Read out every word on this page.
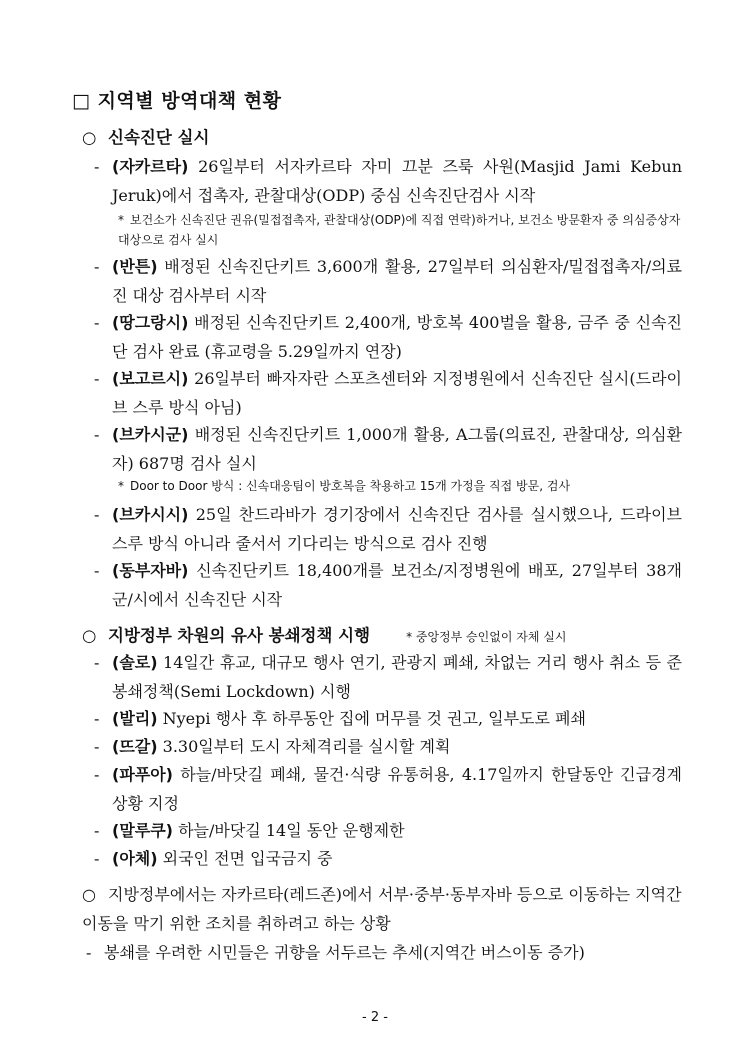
□ 지역별 방역대책 현황
○ 신속진단 실시
- (자카르타) 26일부터 서자카르타 자미 끄분 즈룩 사원(Masjid Jami Kebun Jeruk)에서 접촉자, 관찰대상(ODP) 중심 신속진단검사 시작
* 보건소가 신속진단 권유(밀접접촉자, 관찰대상(ODP)에 직접 연락)하거나, 보건소 방문환자 중 의심증상자 대상으로 검사 실시
- (반튼) 배정된 신속진단키트 3,600개 활용, 27일부터 의심환자/밀접접촉자/의료진 대상 검사부터 시작
- (땅그랑시) 배정된 신속진단키트 2,400개, 방호복 400벌을 활용, 금주 중 신속진단 검사 완료 (휴교령을 5.29일까지 연장)
- (보고르시) 26일부터 빠자자란 스포츠센터와 지정병원에서 신속진단 실시(드라이브 스루 방식 아님)
- (브카시군) 배정된 신속진단키트 1,000개 활용, A그룹(의료진, 관찰대상, 의심환자) 687명 검사 실시
* Door to Door 방식 : 신속대응팀이 방호복을 착용하고 15개 가정을 직접 방문, 검사
- (브카시시) 25일 찬드라바가 경기장에서 신속진단 검사를 실시했으나, 드라이브스루 방식 아니라 줄서서 기다리는 방식으로 검사 진행
- (동부자바) 신속진단키트 18,400개를 보건소/지정병원에 배포, 27일부터 38개 군/시에서 신속진단 시작
○ 지방정부 차원의 유사 봉쇄정책 시행	* 중앙정부 승인없이 자체 실시
- (솔로) 14일간 휴교, 대규모 행사 연기, 관광지 폐쇄, 차없는 거리 행사 취소 등 준 봉쇄정책(Semi Lockdown) 시행
- (발리) Nyepi 행사 후 하루동안 집에 머무를 것 권고, 일부도로 폐쇄
- (뜨갈) 3.30일부터 도시 자체격리를 실시할 계획
- (파푸아) 하늘/바닷길 폐쇄, 물건·식량 유통허용, 4.17일까지 한달동안 긴급경계상황 지정
- (말루쿠) 하늘/바닷길 14일 동안 운행제한
- (아체) 외국인 전면 입국금지 중
○ 지방정부에서는 자카르타(레드존)에서 서부·중부·동부자바 등으로 이동하는 지역간 이동을 막기 위한 조치를 취하려고 하는 상황
- 봉쇄를 우려한 시민들은 귀향을 서두르는 추세(지역간 버스이동 증가)
- 2 -
